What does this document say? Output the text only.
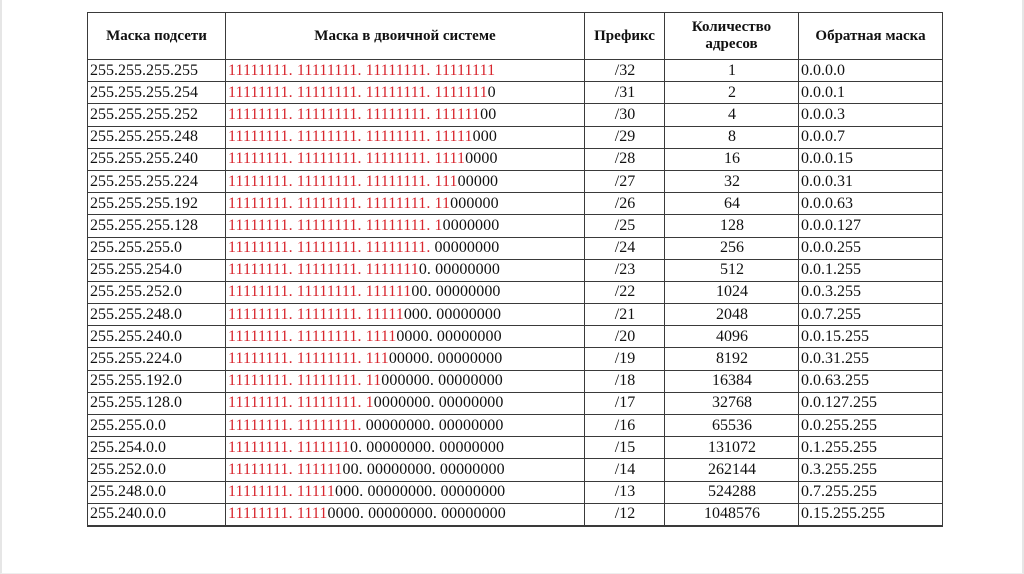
Маска подсети	Маска в двоичной системе	Префикс	Количество адресов	Обратная маска
255.255.255.255	11111111. 11111111. 11111111. 11111111	/32	1	0.0.0.0
255.255.255.254	11111111. 11111111. 11111111. 11111110	/31	2	0.0.0.1
255.255.255.252	11111111. 11111111. 11111111. 11111100	/30	4	0.0.0.3
255.255.255.248	11111111. 11111111. 11111111. 11111000	/29	8	0.0.0.7
255.255.255.240	11111111. 11111111. 11111111. 11110000	/28	16	0.0.0.15
255.255.255.224	11111111. 11111111. 11111111. 11100000	/27	32	0.0.0.31
255.255.255.192	11111111. 11111111. 11111111. 11000000	/26	64	0.0.0.63
255.255.255.128	11111111. 11111111. 11111111. 10000000	/25	128	0.0.0.127
255.255.255.0	11111111. 11111111. 11111111. 00000000	/24	256	0.0.0.255
255.255.254.0	11111111. 11111111. 11111110. 00000000	/23	512	0.0.1.255
255.255.252.0	11111111. 11111111. 11111100. 00000000	/22	1024	0.0.3.255
255.255.248.0	11111111. 11111111. 11111000. 00000000	/21	2048	0.0.7.255
255.255.240.0	11111111. 11111111. 11110000. 00000000	/20	4096	0.0.15.255
255.255.224.0	11111111. 11111111. 11100000. 00000000	/19	8192	0.0.31.255
255.255.192.0	11111111. 11111111. 11000000. 00000000	/18	16384	0.0.63.255
255.255.128.0	11111111. 11111111. 10000000. 00000000	/17	32768	0.0.127.255
255.255.0.0	11111111. 11111111. 00000000. 00000000	/16	65536	0.0.255.255
255.254.0.0	11111111. 11111110. 00000000. 00000000	/15	131072	0.1.255.255
255.252.0.0	11111111. 11111100. 00000000. 00000000	/14	262144	0.3.255.255
255.248.0.0	11111111. 11111000. 00000000. 00000000	/13	524288	0.7.255.255
255.240.0.0	11111111. 11110000. 00000000. 00000000	/12	1048576	0.15.255.255
